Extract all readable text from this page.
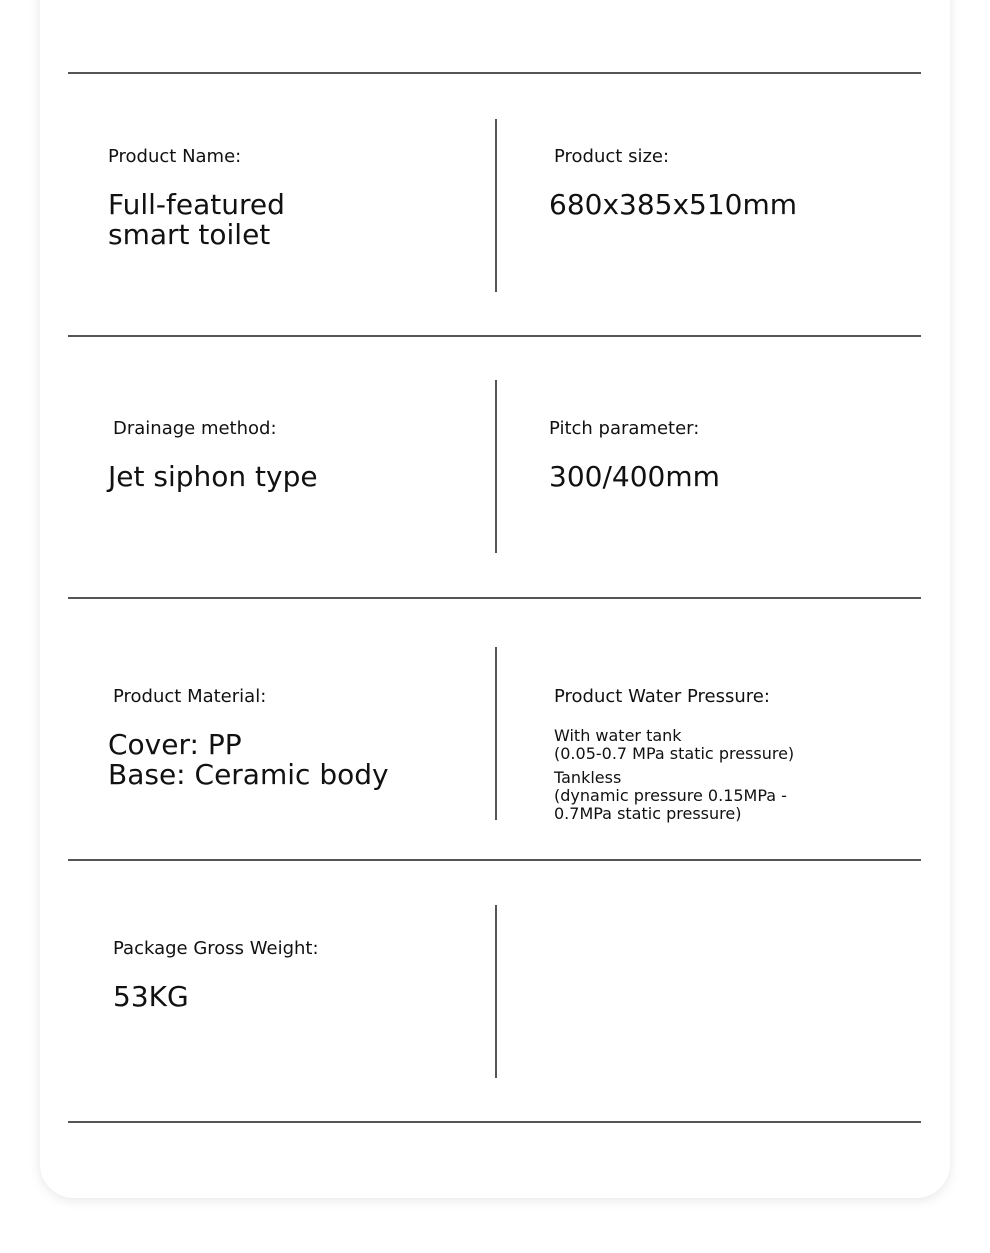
Product Name:
Full-featured
smart toilet
Product size:
680x385x510mm
Drainage method:
Jet siphon type
Pitch parameter:
300/400mm
Product Material:
Cover: PP
Base: Ceramic body
Product Water Pressure:
With water tank
(0.05-0.7 MPa static pressure)
Tankless
(dynamic pressure 0.15MPa -
0.7MPa static pressure)
Package Gross Weight:
53KG
